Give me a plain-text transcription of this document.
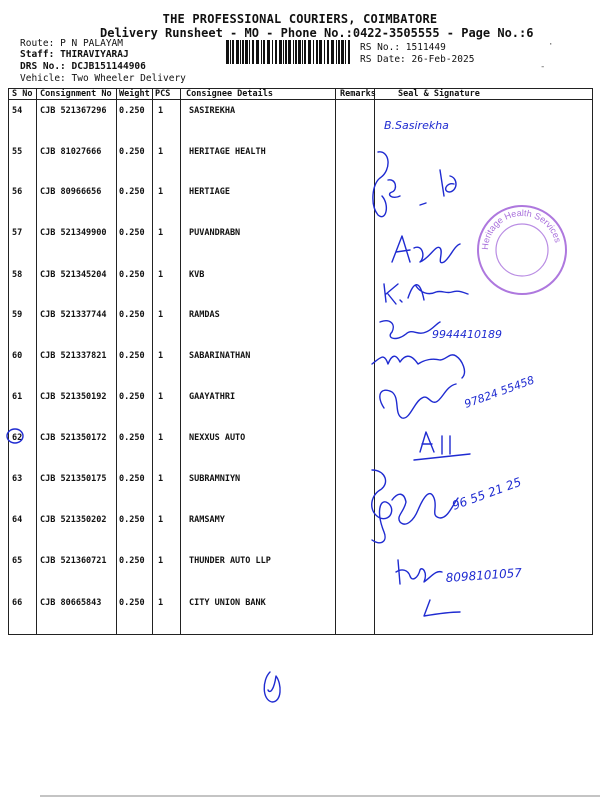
THE PROFESSIONAL COURIERS, COIMBATORE
Delivery Runsheet - MO - Phone No.:0422-3505555 - Page No.:6
Route: P N PALAYAM
Staff: THIRAVIYARAJ
DRS No.: DCJB151144906
Vehicle: Two Wheeler Delivery
RS No.: 1511449
RS Date: 26-Feb-2025
-
·
S No Consignment No Weight PCS Consignee Details	Remarks	Seal & Signature
54 CJB 521367296 0.250 1	SASIREKHA
55 CJB 81027666 0.250 1	HERITAGE HEALTH
56 CJB 80966656 0.250 1	HERTIAGE
57 CJB 521349900 0.250 1	PUVANDRABN
58 CJB 521345204 0.250 1	KVB
59 CJB 521337744 0.250 1	RAMDAS
60 CJB 521337821 0.250 1	SABARINATHAN
61 CJB 521350192 0.250 1	GAAYATHRI
62 CJB 521350172 0.250 1	NEXXUS AUTO
63 CJB 521350175 0.250 1	SUBRAMNIYN
64 CJB 521350202 0.250 1	RAMSAMY
65 CJB 521360721 0.250 1	THUNDER AUTO LLP
66 CJB 80665843 0.250 1	CITY UNION BANK
Heritage Health Services
B.Sasirekha
9944410189
97824 55458
96 55 21 25
8098101057
